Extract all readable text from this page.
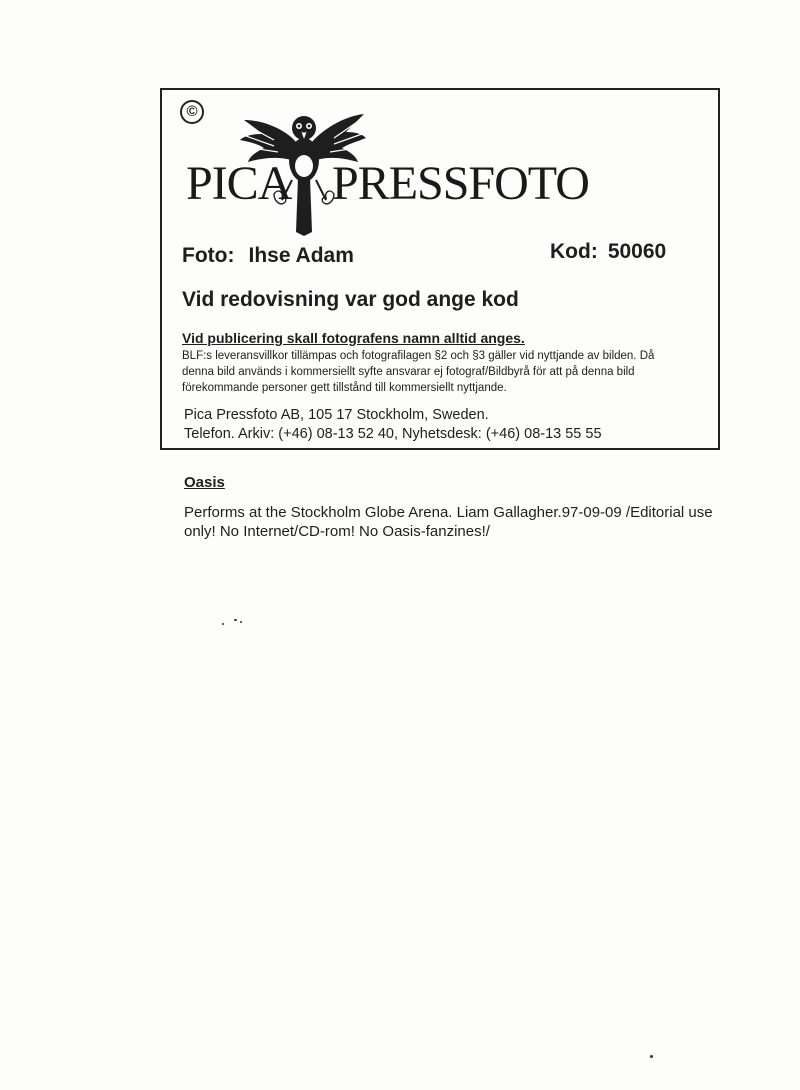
©
PICA PRESSFOTO
Foto: Ihse Adam	Kod: 50060
Vid redovisning var god ange kod
Vid publicering skall fotografens namn alltid anges.
BLF:s leveransvillkor tillämpas och fotografilagen §2 och §3 gäller vid nyttjande av bilden. Då
denna bild används i kommersiellt syfte ansvarar ej fotograf/Bildbyrå för att på denna bild
förekommande personer gett tillstånd till kommersiellt nyttjande.
Pica Pressfoto AB, 105 17 Stockholm, Sweden.
Telefon. Arkiv: (+46) 08-13 52 40, Nyhetsdesk: (+46) 08-13 55 55
Oasis
Performs at the Stockholm Globe Arena. Liam Gallagher.97-09-09 /Editorial use only! No Internet/CD-rom! No Oasis-fanzines!/
